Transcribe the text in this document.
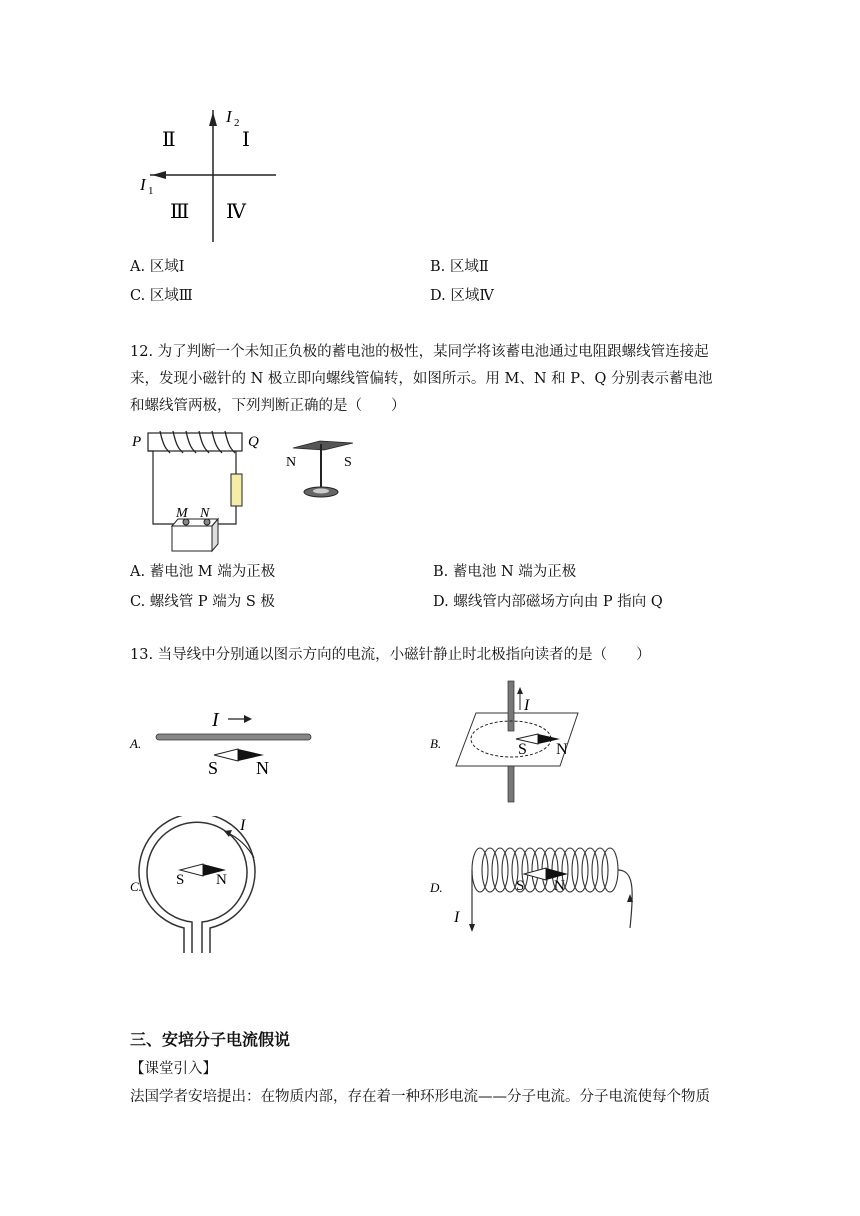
I 2
I 1
Ⅱ	Ⅰ
Ⅲ Ⅳ
A. 区域Ⅰ	B. 区域Ⅱ
C. 区域Ⅲ	D. 区域Ⅳ
12. 为了判断一个未知正负极的蓄电池的极性，某同学将该蓄电池通过电阻跟螺线管连接起
来，发现小磁针的 N 极立即向螺线管偏转，如图所示。用 M、N 和 P、Q 分别表示蓄电池
和螺线管两极，下列判断正确的是（　　）
P	Q
M N
N	S
A. 蓄电池 M 端为正极	B. 蓄电池 N 端为正极
C. 螺线管 P 端为 S 极	D. 螺线管内部磁场方向由 P 指向 Q
13. 当导线中分别通以图示方向的电流，小磁针静止时北极指向读者的是（　　）
A.
I
S N
B.
I
S N
C.
I
S N	D.
I
S N
三、安培分子电流假说
【课堂引入】
法国学者安培提出：在物质内部，存在着一种环形电流——分子电流。分子电流使每个物质
